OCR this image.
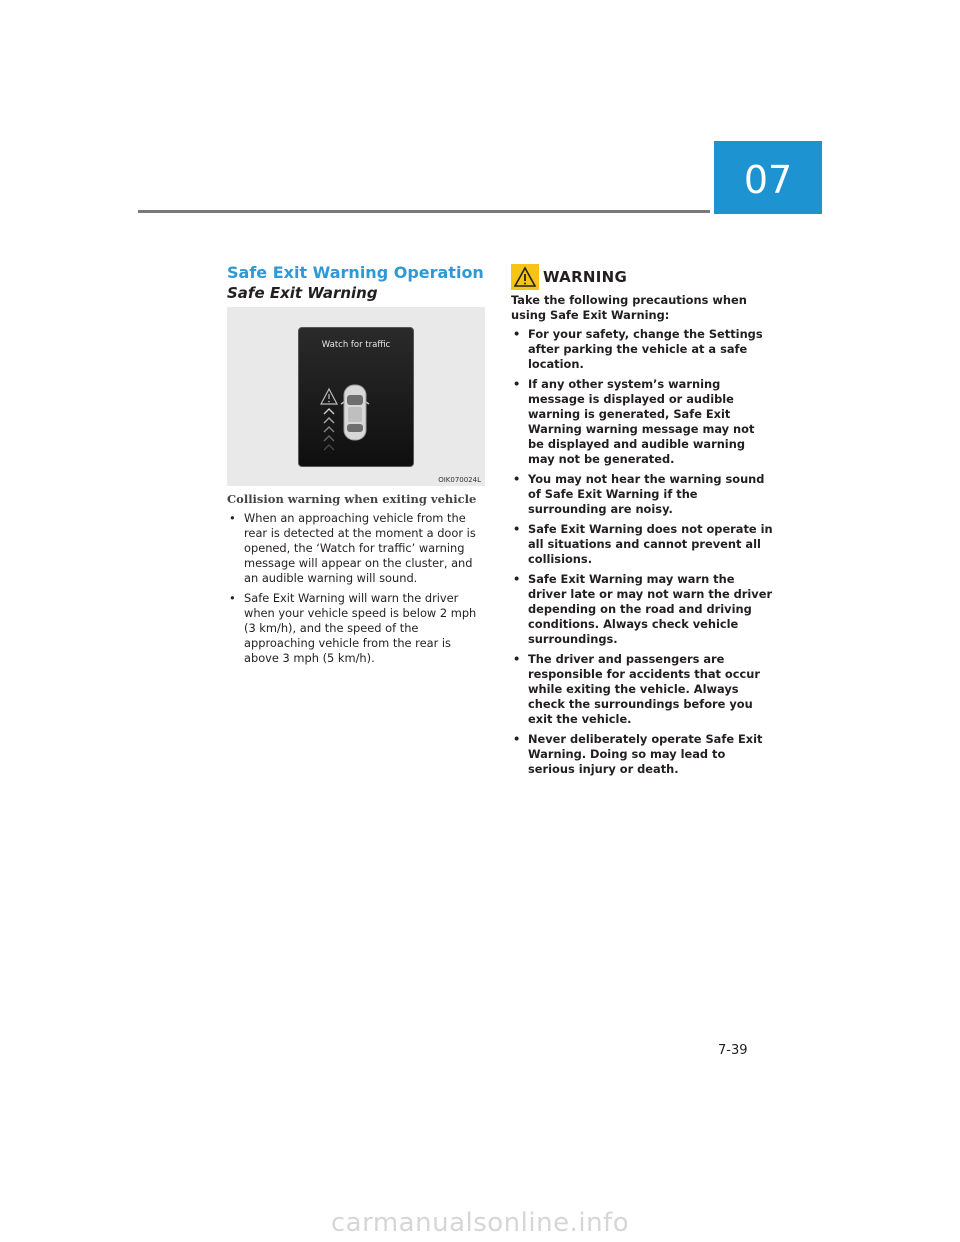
07

Safe Exit Warning Operation

Safe Exit Warning

Watch for traffic
OIK070024L
Collision warning when exiting vehicle
• When an approaching vehicle from the rear is detected at the moment a door is opened, the ‘Watch for traffic’ warning message will appear on the cluster, and an audible warning will sound.
• Safe Exit Warning will warn the driver when your vehicle speed is below 2 mph (3 km/h), and the speed of the approaching vehicle from the rear is above 3 mph (5 km/h).
WARNING

Take the following precautions when using Safe Exit Warning:

• For your safety, change the Settings after parking the vehicle at a safe location.
• If any other system’s warning message is displayed or audible warning is generated, Safe Exit Warning warning message may not be displayed and audible warning may not be generated.
• You may not hear the warning sound of Safe Exit Warning if the surrounding are noisy.
• Safe Exit Warning does not operate in all situations and cannot prevent all collisions.
• Safe Exit Warning may warn the driver late or may not warn the driver depending on the road and driving conditions. Always check vehicle surroundings.
• The driver and passengers are responsible for accidents that occur while exiting the vehicle. Always check the surroundings before you exit the vehicle.
• Never deliberately operate Safe Exit Warning. Doing so may lead to serious injury or death.
7-39
carmanualsonline.info
